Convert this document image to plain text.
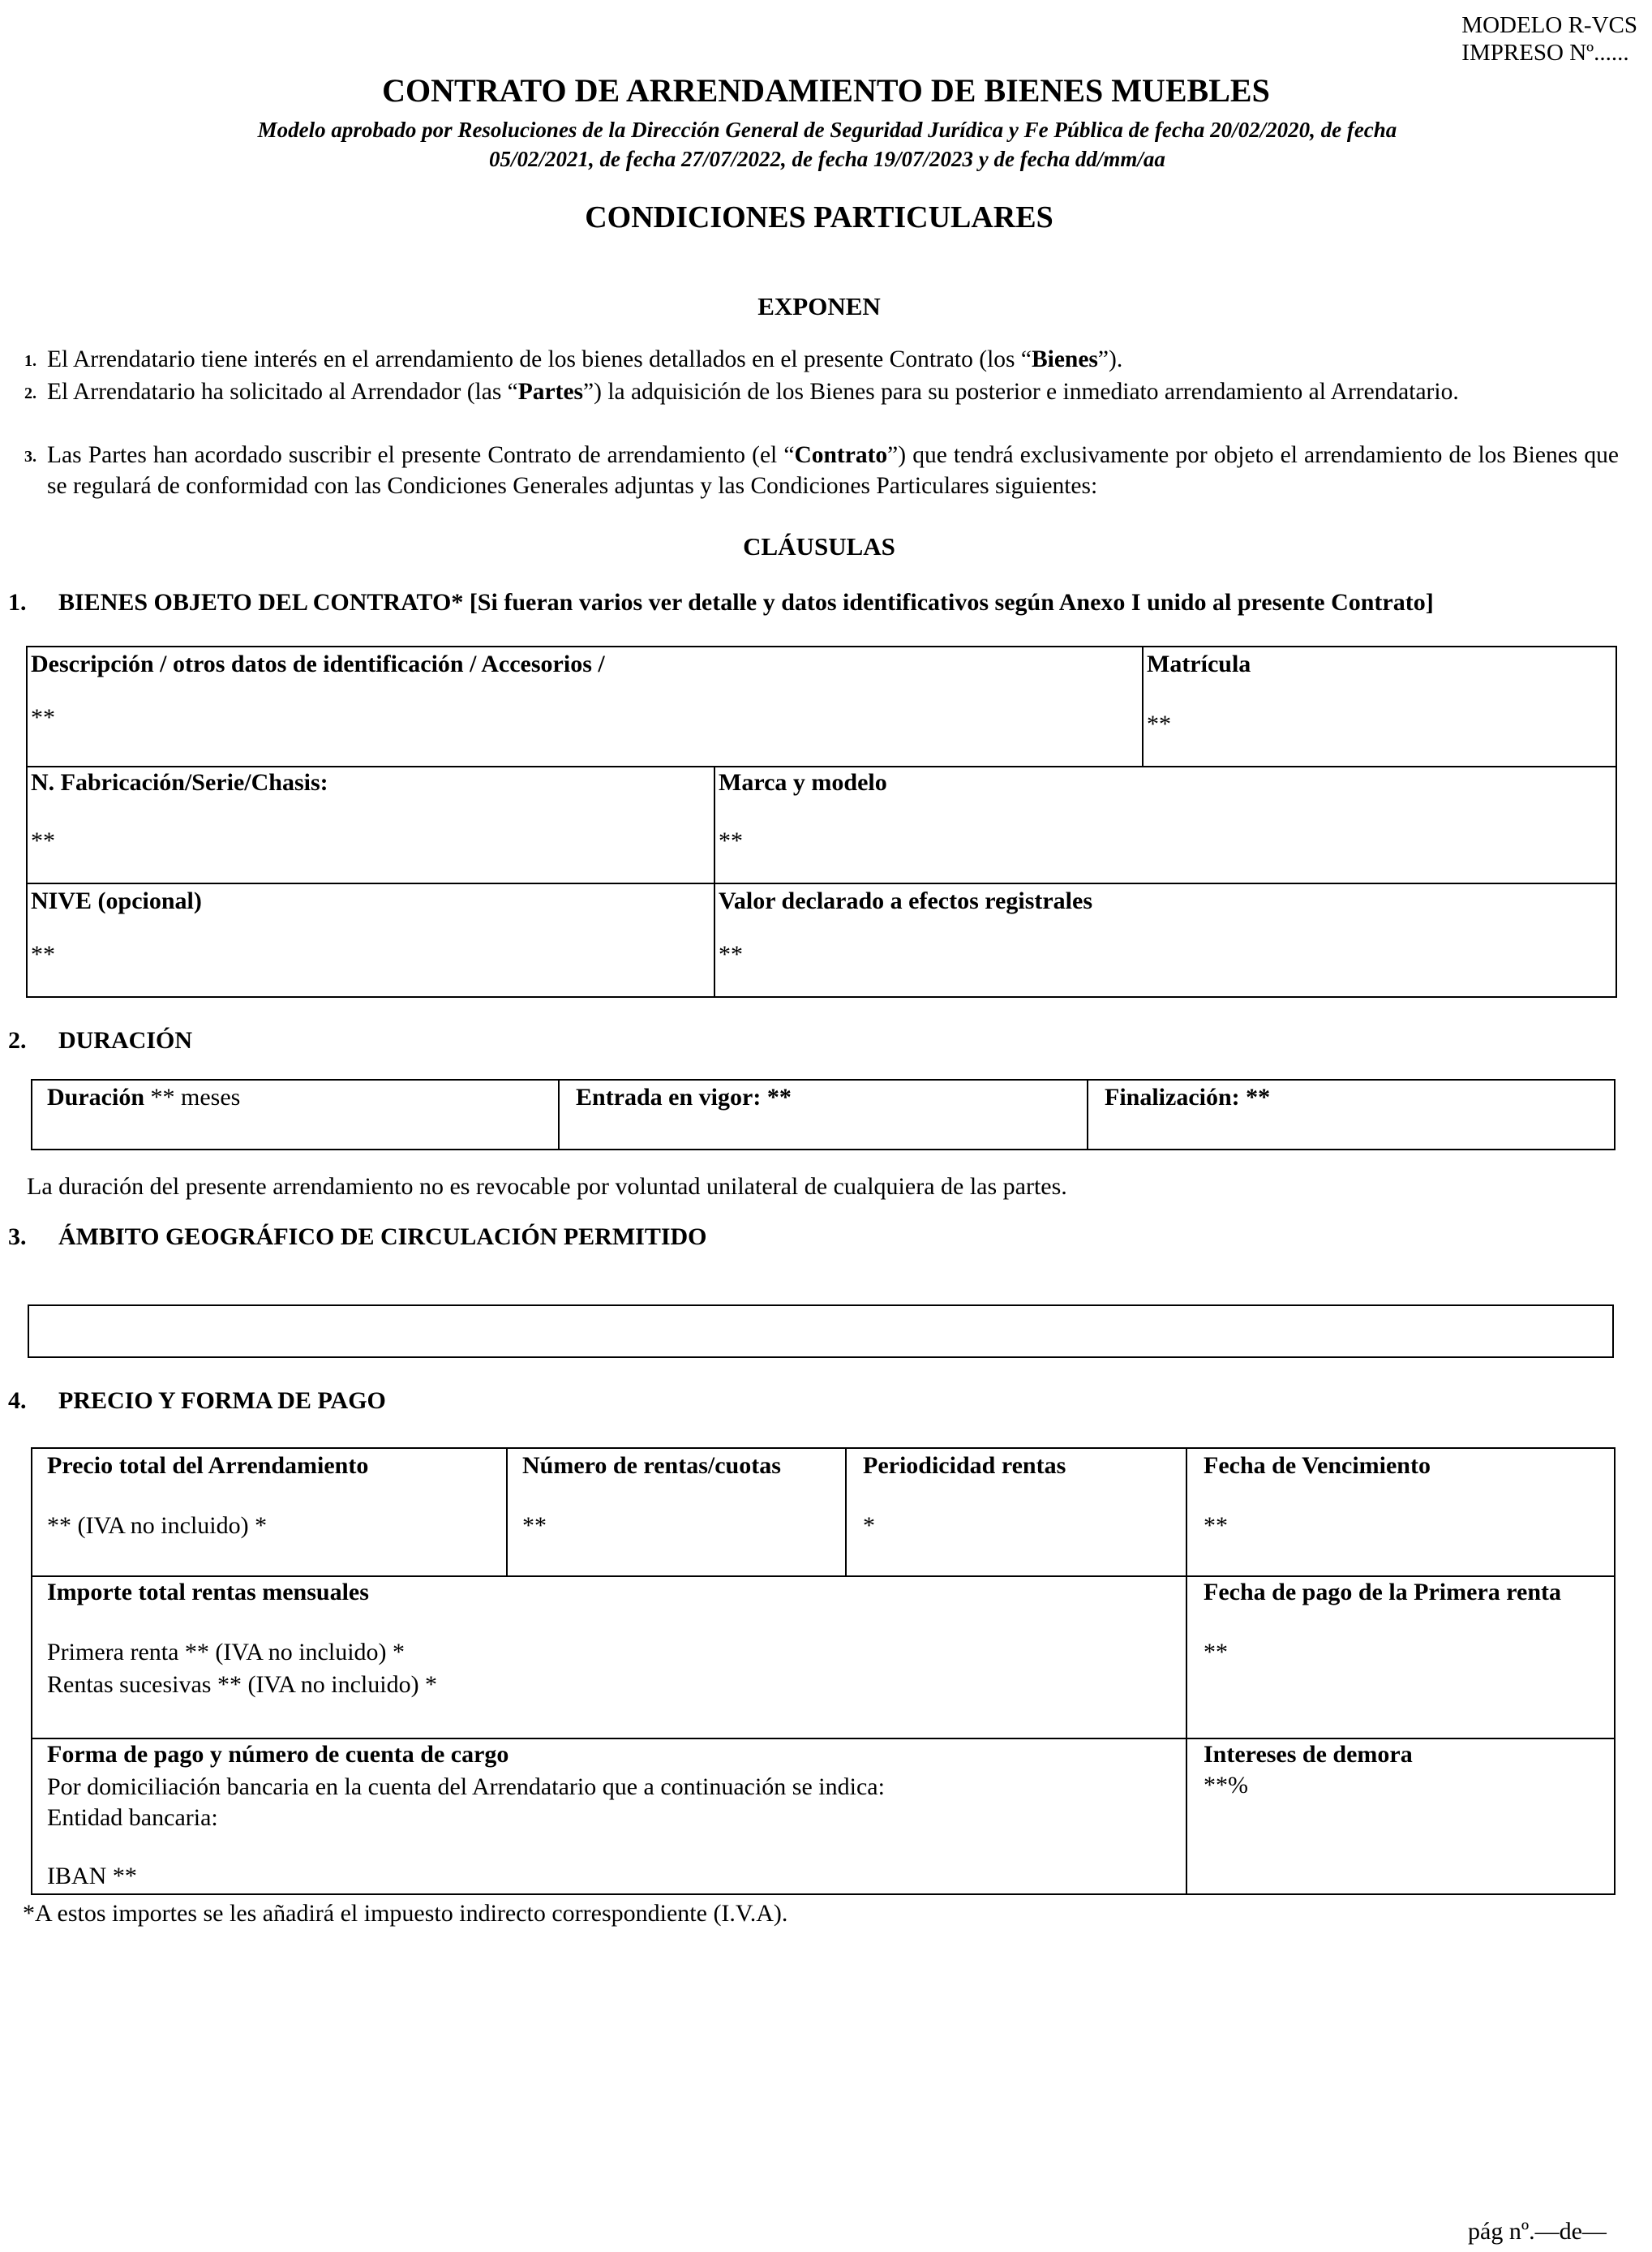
MODELO R-VCS
IMPRESO Nº......
CONTRATO DE ARRENDAMIENTO DE BIENES MUEBLES
Modelo aprobado por Resoluciones de la Dirección General de Seguridad Jurídica y Fe Pública de fecha 20/02/2020, de fecha
05/02/2021, de fecha 27/07/2022, de fecha 19/07/2023 y de fecha dd/mm/aa
CONDICIONES PARTICULARES
EXPONEN
1. El Arrendatario tiene interés en el arrendamiento de los bienes detallados en el presente Contrato (los “Bienes”).
2. El Arrendatario ha solicitado al Arrendador (las “Partes”) la adquisición de los Bienes para su posterior e inmediato arrendamiento al Arrendatario.
3. Las Partes han acordado suscribir el presente Contrato de arrendamiento (el “Contrato”) que tendrá exclusivamente por objeto el arrendamiento de los Bienes que se regulará de conformidad con las Condiciones Generales adjuntas y las Condiciones Particulares siguientes:
CLÁUSULAS
1. BIENES OBJETO DEL CONTRATO* [Si fueran varios ver detalle y datos identificativos según Anexo I unido al presente Contrato]
Descripción / otros datos de identificación / Accesorios /
**
Matrícula
**
N. Fabricación/Serie/Chasis:
**
Marca y modelo
**
NIVE (opcional)
**
Valor declarado a efectos registrales
**
2. DURACIÓN
Duración ** meses	Entrada en vigor: **	Finalización: **
La duración del presente arrendamiento no es revocable por voluntad unilateral de cualquiera de las partes.
3. ÁMBITO GEOGRÁFICO DE CIRCULACIÓN PERMITIDO
4. PRECIO Y FORMA DE PAGO
Precio total del Arrendamiento
** (IVA no incluido) *
Número de rentas/cuotas
**
Periodicidad rentas
*
Fecha de Vencimiento
**
Importe total rentas mensuales
Primera renta ** (IVA no incluido) *
Rentas sucesivas ** (IVA no incluido) *
Fecha de pago de la Primera renta
**
Forma de pago y número de cuenta de cargo
Por domiciliación bancaria en la cuenta del Arrendatario que a continuación se indica:
Entidad bancaria:
IBAN **
Intereses de demora
**%
*A estos importes se les añadirá el impuesto indirecto correspondiente (I.V.A).
pág nº.—de—
